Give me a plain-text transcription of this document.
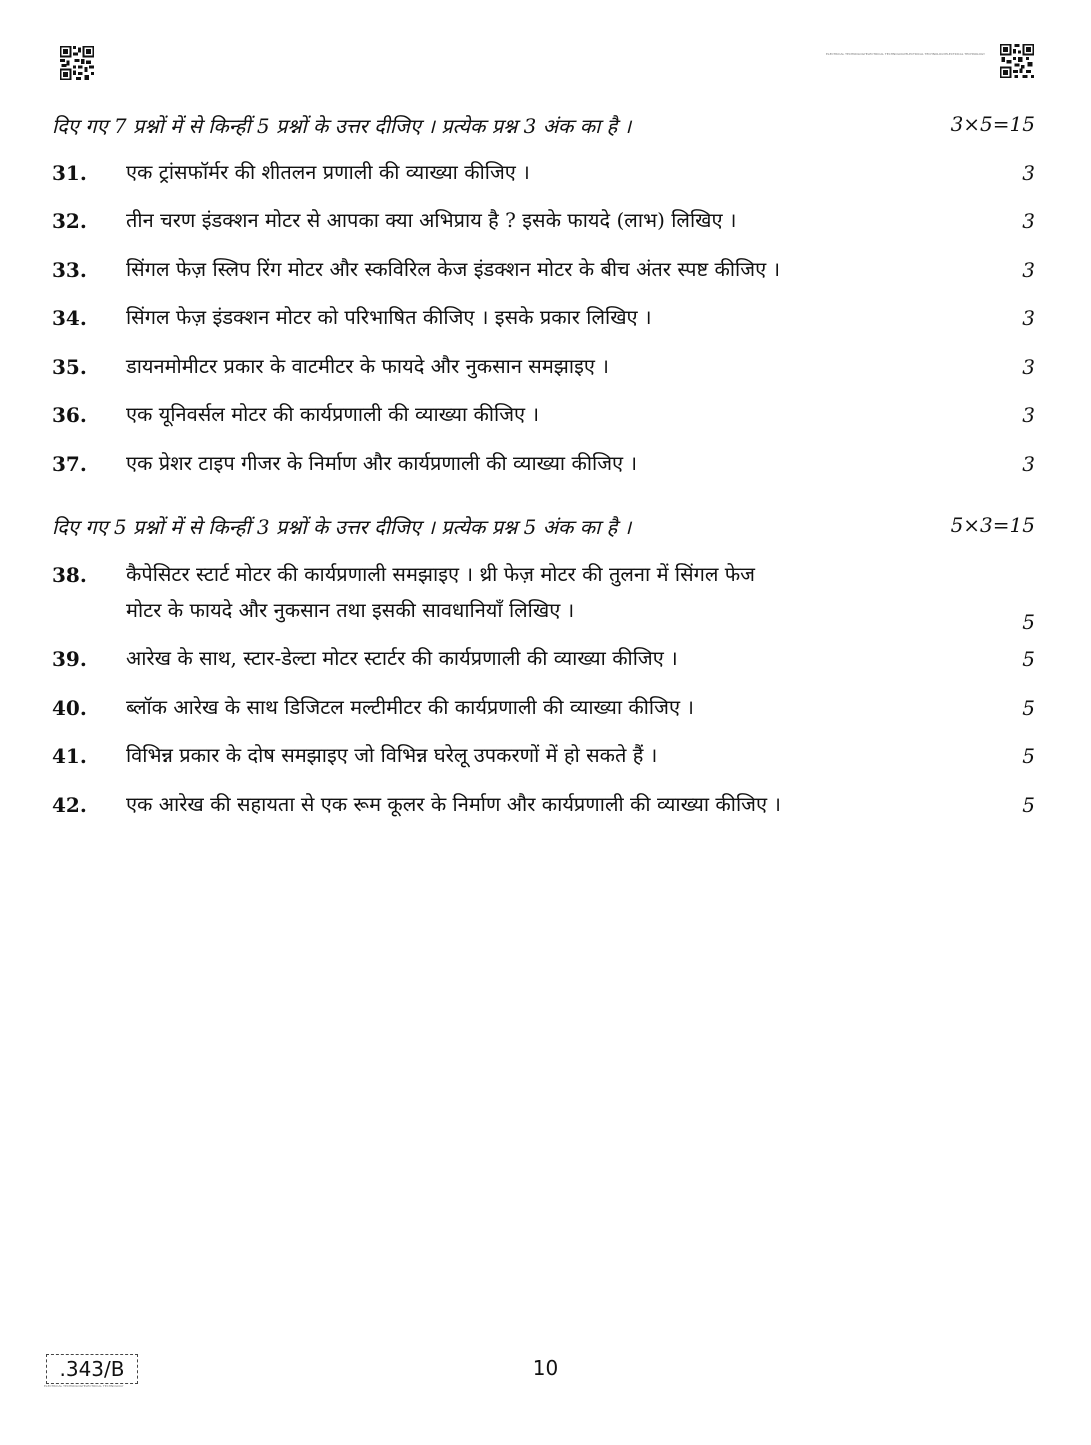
ELECTRICAL TECHNOLOGYELECTRICAL TECHNOLOGYELECTRICAL TECHNOLOGYELECTRICAL TECHNOLOGY
दिए गए 7 प्रश्नों में से किन्हीं 5 प्रश्नों के उत्तर दीजिए । प्रत्येक प्रश्न 3 अंक का है ।	3×5=15
31.	एक ट्रांसफॉर्मर की शीतलन प्रणाली की व्याख्या कीजिए ।	3
32.	तीन चरण इंडक्शन मोटर से आपका क्या अभिप्राय है ? इसके फायदे (लाभ) लिखिए ।	3
33.	सिंगल फेज़ स्लिप रिंग मोटर और स्कविरिल केज इंडक्शन मोटर के बीच अंतर स्पष्ट कीजिए ।	3
34.	सिंगल फेज़ इंडक्शन मोटर को परिभाषित कीजिए । इसके प्रकार लिखिए ।	3
35.	डायनमोमीटर प्रकार के वाटमीटर के फायदे और नुकसान समझाइए ।	3
36.	एक यूनिवर्सल मोटर की कार्यप्रणाली की व्याख्या कीजिए ।	3
37.	एक प्रेशर टाइप गीजर के निर्माण और कार्यप्रणाली की व्याख्या कीजिए ।	3
दिए गए 5 प्रश्नों में से किन्हीं 3 प्रश्नों के उत्तर दीजिए । प्रत्येक प्रश्न 5 अंक का है ।	5×3=15
38.	कैपेसिटर स्टार्ट मोटर की कार्यप्रणाली समझाइए । थ्री फेज़ मोटर की तुलना में सिंगल फेज
मोटर के फायदे और नुकसान तथा इसकी सावधानियाँ लिखिए ।	5
39.	आरेख के साथ, स्टार-डेल्टा मोटर स्टार्टर की कार्यप्रणाली की व्याख्या कीजिए ।	5
40.	ब्लॉक आरेख के साथ डिजिटल मल्टीमीटर की कार्यप्रणाली की व्याख्या कीजिए ।	5
41.	विभिन्न प्रकार के दोष समझाइए जो विभिन्न घरेलू उपकरणों में हो सकते हैं ।	5
42.	एक आरेख की सहायता से एक रूम कूलर के निर्माण और कार्यप्रणाली की व्याख्या कीजिए ।	5
.343/B
ELECTRICAL TECHNOLOGYELECTRICAL TECHNOLOGY
10
